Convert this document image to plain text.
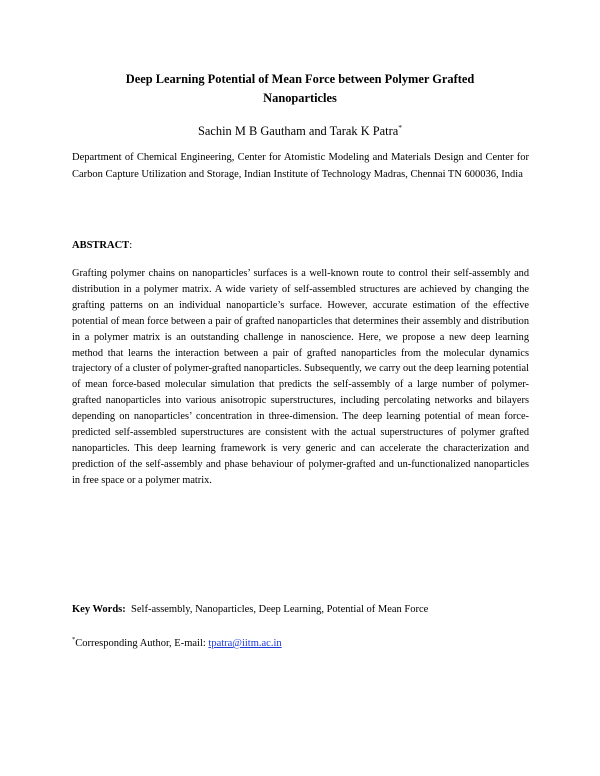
Deep Learning Potential of Mean Force between Polymer Grafted
Nanoparticles
Sachin M B Gautham and Tarak K Patra*
Department of Chemical Engineering, Center for Atomistic Modeling and Materials Design and Center for Carbon Capture Utilization and Storage, Indian Institute of Technology Madras, Chennai TN 600036, India
ABSTRACT:
Grafting polymer chains on nanoparticles’ surfaces is a well-known route to control their self-assembly and distribution in a polymer matrix. A wide variety of self-assembled structures are achieved by changing the grafting patterns on an individual nanoparticle’s surface. However, accurate estimation of the effective potential of mean force between a pair of grafted nanoparticles that determines their assembly and distribution in a polymer matrix is an outstanding challenge in nanoscience. Here, we propose a new deep learning method that learns the interaction between a pair of grafted nanoparticles from the molecular dynamics trajectory of a cluster of polymer-grafted nanoparticles. Subsequently, we carry out the deep learning potential of mean force-based molecular simulation that predicts the self-assembly of a large number of polymer-grafted nanoparticles into various anisotropic superstructures, including percolating networks and bilayers depending on nanoparticles’ concentration in three-dimension. The deep learning potential of mean force-predicted self-assembled superstructures are consistent with the actual superstructures of polymer grafted nanoparticles. This deep learning framework is very generic and can accelerate the characterization and prediction of the self-assembly and phase behaviour of polymer-grafted and un-functionalized nanoparticles in free space or a polymer matrix.
Key Words: Self-assembly, Nanoparticles, Deep Learning, Potential of Mean Force
*Corresponding Author, E-mail: tpatra@iitm.ac.in
